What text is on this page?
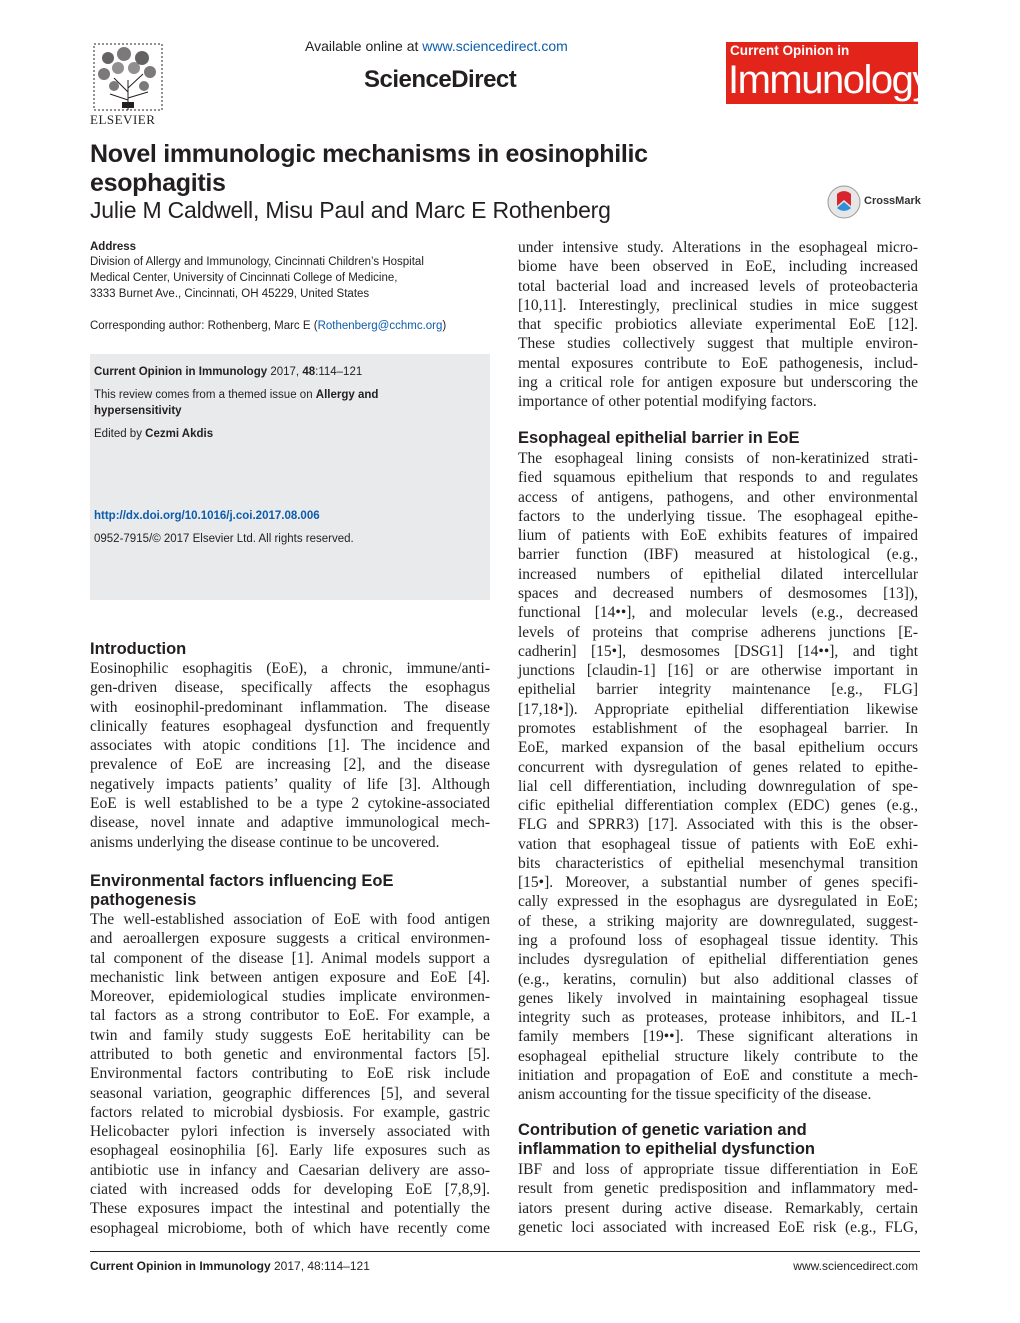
Available online at www.sciencedirect.com
ScienceDirect
ELSEVIER
Current Opinion in
Immunology
Novel immunologic mechanisms in eosinophilic esophagitis
Julie M Caldwell, Misu Paul and Marc E Rothenberg	CrossMark
Address
Division of Allergy and Immunology, Cincinnati Children’s Hospital
Medical Center, University of Cincinnati College of Medicine,
3333 Burnet Ave., Cincinnati, OH 45229, United States
Corresponding author: Rothenberg, Marc E (Rothenberg@cchmc.org)
Current Opinion in Immunology 2017, 48:114–121
This review comes from a themed issue on Allergy and
hypersensitivity
Edited by Cezmi Akdis
http://dx.doi.org/10.1016/j.coi.2017.08.006
0952-7915/© 2017 Elsevier Ltd. All rights reserved.
Introduction
Eosinophilic esophagitis (EoE), a chronic, immune/anti-
gen-driven disease, specifically affects the esophagus
with eosinophil-predominant inflammation. The disease
clinically features esophageal dysfunction and frequently
associates with atopic conditions [1]. The incidence and
prevalence of EoE are increasing [2], and the disease
negatively impacts patients’ quality of life [3]. Although
EoE is well established to be a type 2 cytokine-associated
disease, novel innate and adaptive immunological mech-
anisms underlying the disease continue to be uncovered.
Environmental factors influencing EoE
pathogenesis
The well-established association of EoE with food antigen
and aeroallergen exposure suggests a critical environmen-
tal component of the disease [1]. Animal models support a
mechanistic link between antigen exposure and EoE [4].
Moreover, epidemiological studies implicate environmen-
tal factors as a strong contributor to EoE. For example, a
twin and family study suggests EoE heritability can be
attributed to both genetic and environmental factors [5].
Environmental factors contributing to EoE risk include
seasonal variation, geographic differences [5], and several
factors related to microbial dysbiosis. For example, gastric
Helicobacter pylori infection is inversely associated with
esophageal eosinophilia [6]. Early life exposures such as
antibiotic use in infancy and Caesarian delivery are asso-
ciated with increased odds for developing EoE [7,8,9].
These exposures impact the intestinal and potentially the
esophageal microbiome, both of which have recently come
under intensive study. Alterations in the esophageal micro-
biome have been observed in EoE, including increased
total bacterial load and increased levels of proteobacteria
[10,11]. Interestingly, preclinical studies in mice suggest
that specific probiotics alleviate experimental EoE [12].
These studies collectively suggest that multiple environ-
mental exposures contribute to EoE pathogenesis, includ-
ing a critical role for antigen exposure but underscoring the
importance of other potential modifying factors.
Esophageal epithelial barrier in EoE
The esophageal lining consists of non-keratinized strati-
fied squamous epithelium that responds to and regulates
access of antigens, pathogens, and other environmental
factors to the underlying tissue. The esophageal epithe-
lium of patients with EoE exhibits features of impaired
barrier function (IBF) measured at histological (e.g.,
increased numbers of epithelial dilated intercellular
spaces and decreased numbers of desmosomes [13]),
functional [14••], and molecular levels (e.g., decreased
levels of proteins that comprise adherens junctions [E-
cadherin] [15•], desmosomes [DSG1] [14••], and tight
junctions [claudin-1] [16] or are otherwise important in
epithelial barrier integrity maintenance [e.g., FLG]
[17,18•]). Appropriate epithelial differentiation likewise
promotes establishment of the esophageal barrier. In
EoE, marked expansion of the basal epithelium occurs
concurrent with dysregulation of genes related to epithe-
lial cell differentiation, including downregulation of spe-
cific epithelial differentiation complex (EDC) genes (e.g.,
FLG and SPRR3) [17]. Associated with this is the obser-
vation that esophageal tissue of patients with EoE exhi-
bits characteristics of epithelial mesenchymal transition
[15•]. Moreover, a substantial number of genes specifi-
cally expressed in the esophagus are dysregulated in EoE;
of these, a striking majority are downregulated, suggest-
ing a profound loss of esophageal tissue identity. This
includes dysregulation of epithelial differentiation genes
(e.g., keratins, cornulin) but also additional classes of
genes likely involved in maintaining esophageal tissue
integrity such as proteases, protease inhibitors, and IL-1
family members [19••]. These significant alterations in
esophageal epithelial structure likely contribute to the
initiation and propagation of EoE and constitute a mech-
anism accounting for the tissue specificity of the disease.
Contribution of genetic variation and
inflammation to epithelial dysfunction
IBF and loss of appropriate tissue differentiation in EoE
result from genetic predisposition and inflammatory med-
iators present during active disease. Remarkably, certain
genetic loci associated with increased EoE risk (e.g., FLG,
Current Opinion in Immunology 2017, 48:114–121	www.sciencedirect.com
